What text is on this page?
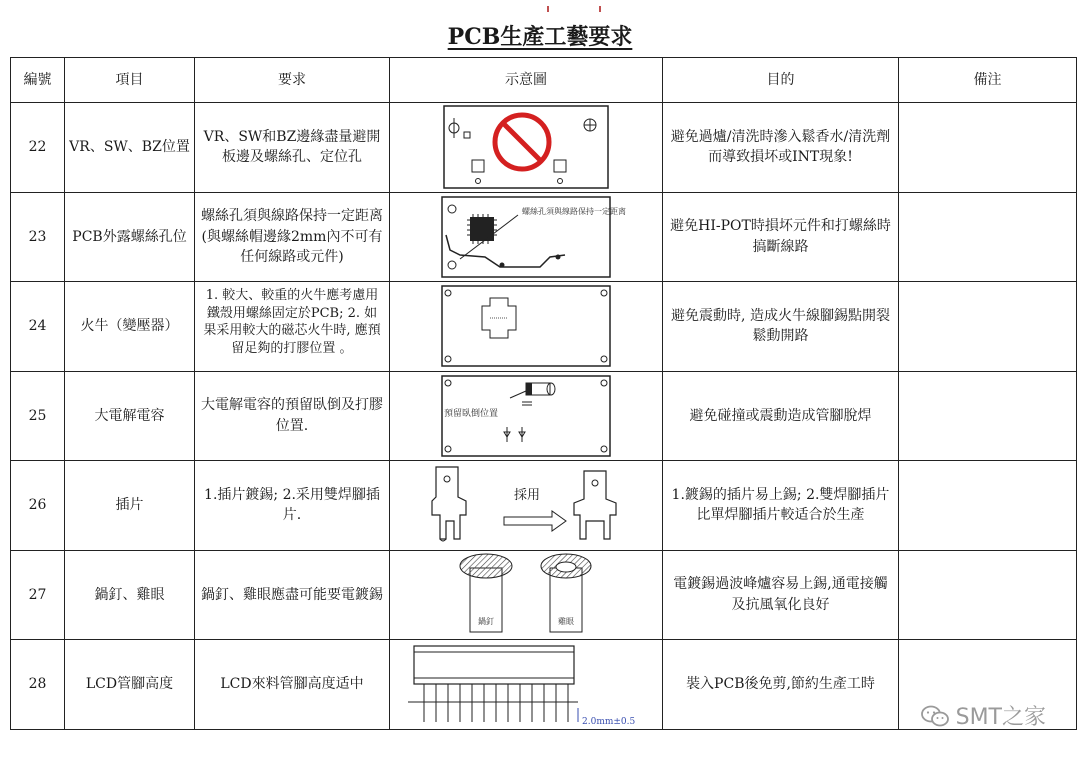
PCB生產工藝要求
編號	項目	要求	示意圖	目的	備注
22	VR、SW、BZ位置	VR、SW和BZ邊緣盡量避開板邊及螺絲孔、定位孔		避免過爐/清洗時滲入鬆香水/清洗劑而導致損坏或INT現象!	
23	PCB外露螺絲孔位	螺絲孔須與線路保持一定距离(與螺絲帽邊緣2mm內不可有任何線路或元件)	螺絲孔須與線路保持一定距离	避免HI-POT時損坏元件和打螺絲時搞斷線路	
24	火牛（變壓器）	1. 較大、較重的火牛應考慮用鐵殼用螺絲固定於PCB; 2. 如果采用較大的磁芯火牛時, 應預留足夠的打膠位置 。		避免震動時, 造成火牛線腳錫點開裂鬆動開路	
25	大電解電容	大電解電容的預留臥倒及打膠位置.	預留臥倒位置	避免碰撞或震動造成管腳脫焊	
26	插片	1.插片鍍錫; 2.采用雙焊腳插片.	採用	1.鍍錫的插片易上錫; 2.雙焊腳插片比單焊腳插片較适合於生產	
27	鍋釘、雞眼	鍋釘、雞眼應盡可能要電鍍錫	鍋釘 雞眼	電鍍錫過波峰爐容易上錫,通電接觸及抗風氧化良好	
28	LCD管腳高度	LCD來料管腳高度适中	2.0mm±0.5	裝入PCB後免剪,節約生產工時	
SMT之家
